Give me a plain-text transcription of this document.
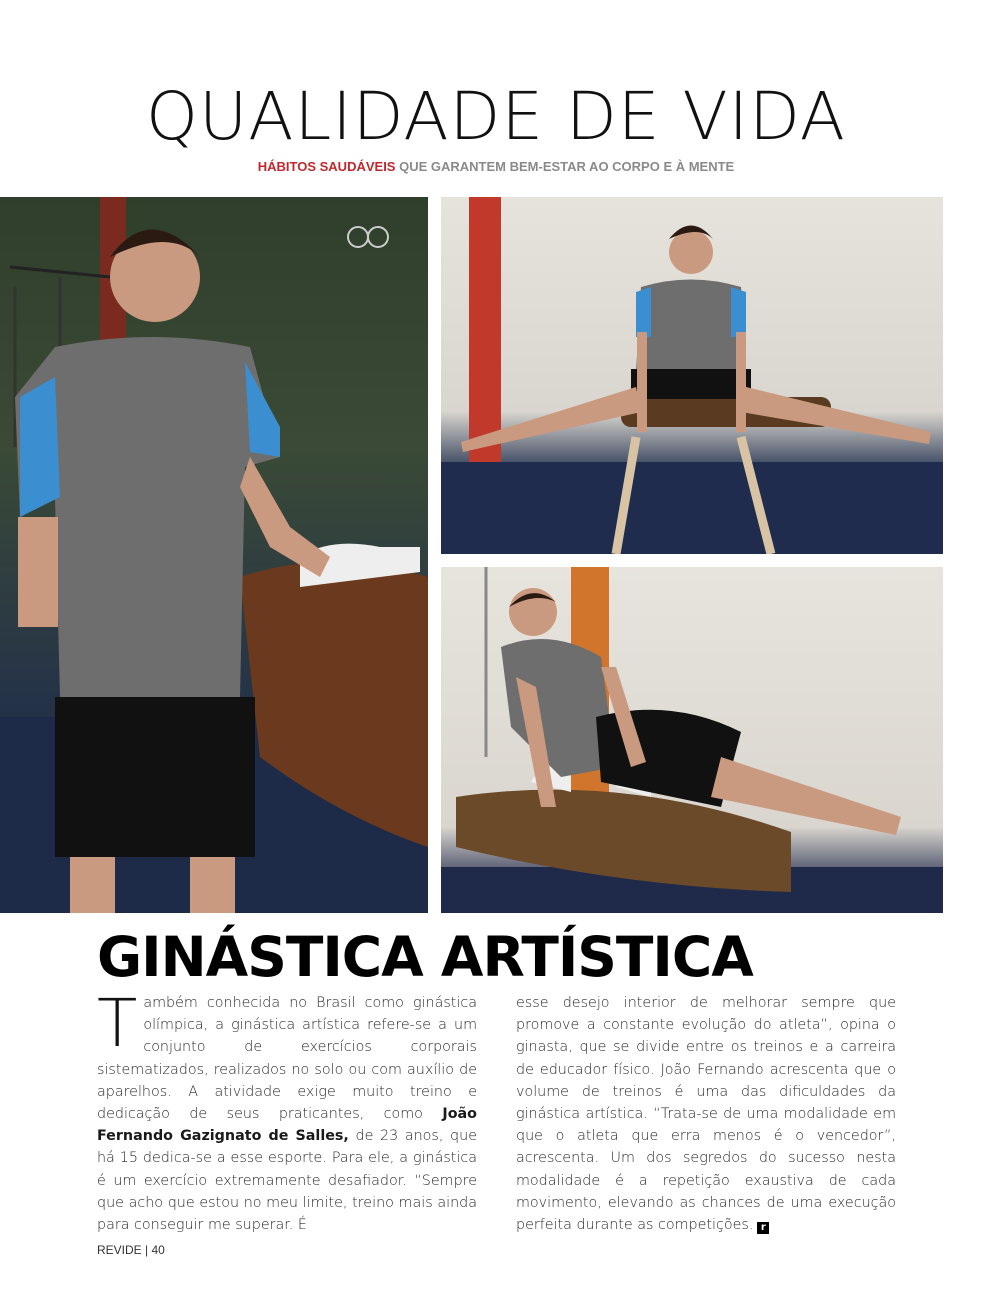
QUALIDADE DE VIDA
HÁBITOS SAUDÁVEIS QUE GARANTEM BEM-ESTAR AO CORPO E À MENTE
GINÁSTICA ARTÍSTICA

Também conhecida no Brasil como ginástica olímpica, a ginástica artística refere-se a um conjunto de exercícios corporais sistematizados, realizados no solo ou com auxílio de aparelhos. A atividade exige muito treino e dedicação de seus praticantes, como João Fernando Gazignato de Salles, de 23 anos, que há 15 dedica-se a esse esporte. Para ele, a ginástica é um exercício extremamente desafiador. “Sempre que acho que estou no meu limite, treino mais ainda para conseguir me superar. É

esse desejo interior de melhorar sempre que promove a constante evolução do atleta”, opina o ginasta, que se divide entre os treinos e a carreira de educador físico. João Fernando acrescenta que o volume de treinos é uma das dificuldades da ginástica artística. “Trata-se de uma modalidade em que o atleta que erra menos é o vencedor”, acrescenta. Um dos segredos do sucesso nesta modalidade é a repetição exaustiva de cada movimento, elevando as chances de uma execução perfeita durante as competições. r

REVIDE | 40
